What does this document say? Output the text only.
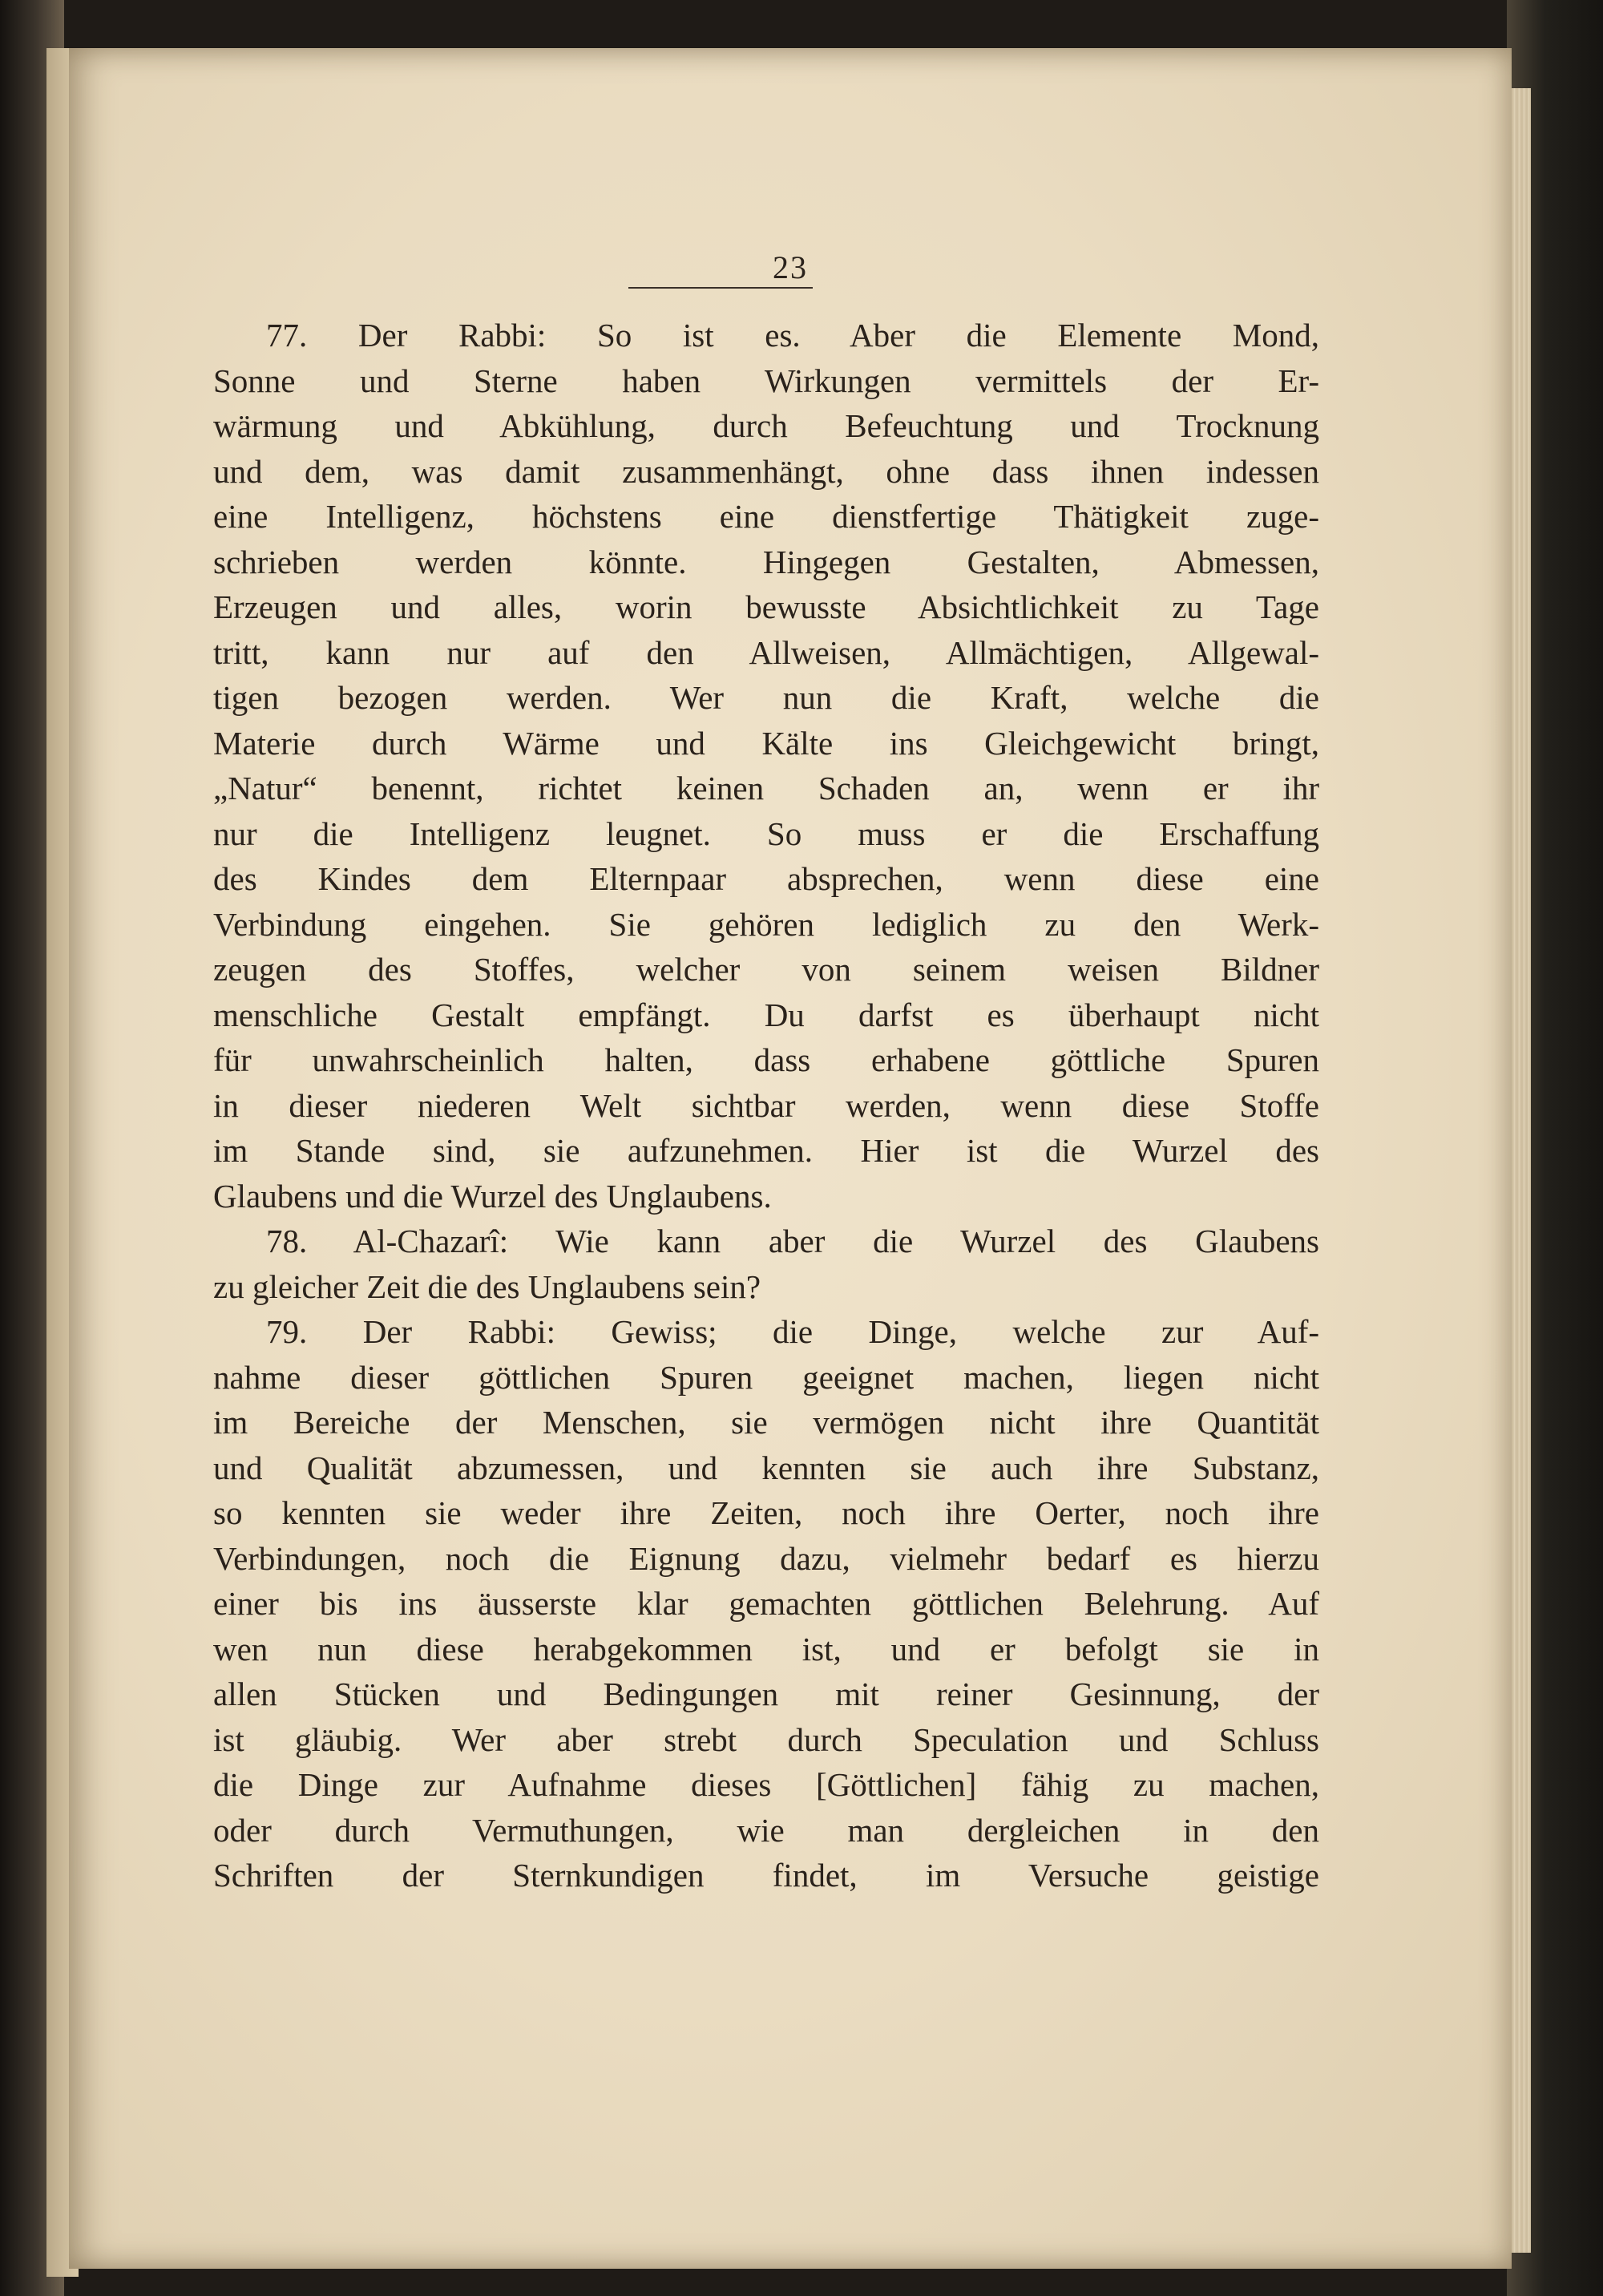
23
77. Der Rabbi: So ist es. Aber die Elemente Mond,
Sonne und Sterne haben Wirkungen vermittels der Er-
wärmung und Abkühlung, durch Befeuchtung und Trocknung
und dem, was damit zusammenhängt, ohne dass ihnen indessen
eine Intelligenz, höchstens eine dienstfertige Thätigkeit zuge-
schrieben werden könnte. Hingegen Gestalten, Abmessen,
Erzeugen und alles, worin bewusste Absichtlichkeit zu Tage
tritt, kann nur auf den Allweisen, Allmächtigen, Allgewal-
tigen bezogen werden. Wer nun die Kraft, welche die
Materie durch Wärme und Kälte ins Gleichgewicht bringt,
„Natur“ benennt, richtet keinen Schaden an, wenn er ihr
nur die Intelligenz leugnet. So muss er die Erschaffung
des Kindes dem Elternpaar absprechen, wenn diese eine
Verbindung eingehen. Sie gehören lediglich zu den Werk-
zeugen des Stoffes, welcher von seinem weisen Bildner
menschliche Gestalt empfängt. Du darfst es überhaupt nicht
für unwahrscheinlich halten, dass erhabene göttliche Spuren
in dieser niederen Welt sichtbar werden, wenn diese Stoffe
im Stande sind, sie aufzunehmen. Hier ist die Wurzel des
Glaubens und die Wurzel des Unglaubens.
78. Al-Chazarî: Wie kann aber die Wurzel des Glaubens
zu gleicher Zeit die des Unglaubens sein?
79. Der Rabbi: Gewiss; die Dinge, welche zur Auf-
nahme dieser göttlichen Spuren geeignet machen, liegen nicht
im Bereiche der Menschen, sie vermögen nicht ihre Quantität
und Qualität abzumessen, und kennten sie auch ihre Substanz,
so kennten sie weder ihre Zeiten, noch ihre Oerter, noch ihre
Verbindungen, noch die Eignung dazu, vielmehr bedarf es hierzu
einer bis ins äusserste klar gemachten göttlichen Belehrung. Auf
wen nun diese herabgekommen ist, und er befolgt sie in
allen Stücken und Bedingungen mit reiner Gesinnung, der
ist gläubig. Wer aber strebt durch Speculation und Schluss
die Dinge zur Aufnahme dieses [Göttlichen] fähig zu machen,
oder durch Vermuthungen, wie man dergleichen in den
Schriften der Sternkundigen findet, im Versuche geistige
